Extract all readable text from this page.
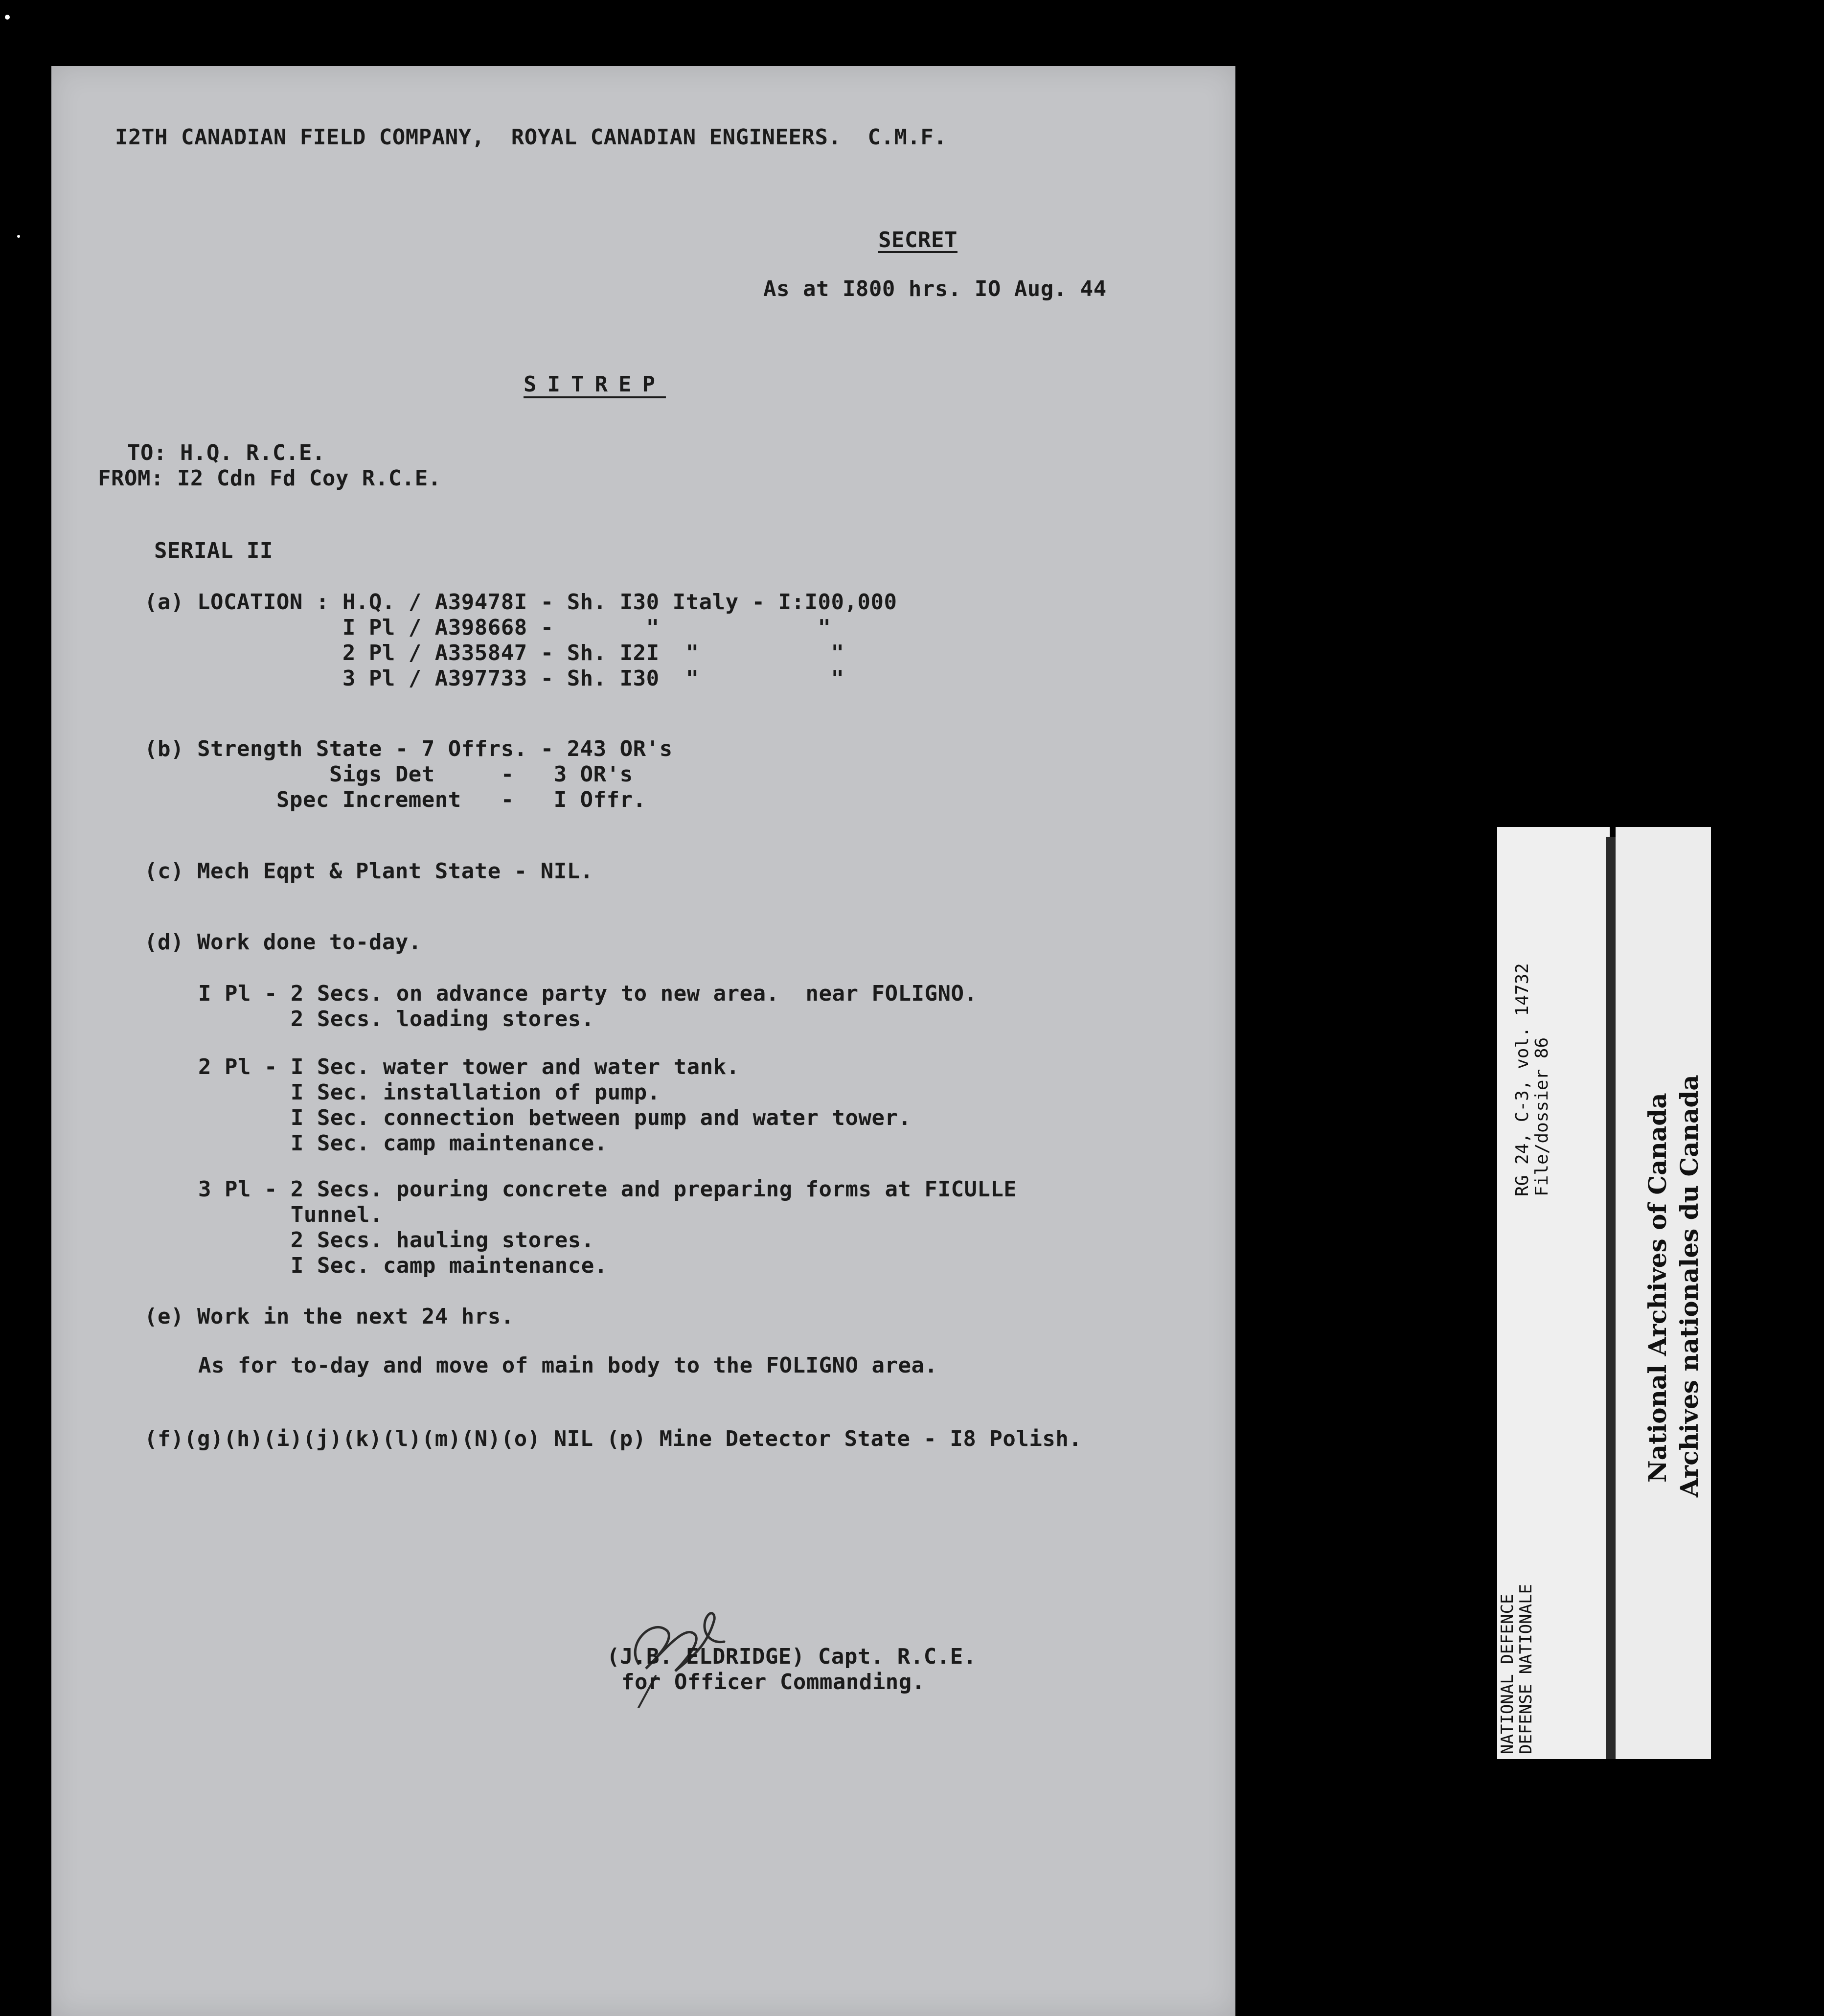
I2TH CANADIAN FIELD COMPANY,  ROYAL CANADIAN ENGINEERS.  C.M.F.
SECRET
As at I800 hrs. IO Aug. 44
SITREP
TO: H.Q. R.C.E.
FROM: I2 Cdn Fd Coy R.C.E.
SERIAL II
(a) LOCATION : H.Q. / A39478I - Sh. I30 Italy - I:I00,000
I Pl / A398668 -       "            "
2 Pl / A335847 - Sh. I2I  "          "
3 Pl / A397733 - Sh. I30  "          "
(b) Strength State - 7 Offrs. - 243 OR's
Sigs Det     -   3 OR's
Spec Increment   -   I Offr.
(c) Mech Eqpt & Plant State - NIL.
(d) Work done to-day.
I Pl - 2 Secs. on advance party to new area.  near FOLIGNO.
2 Secs. loading stores.
2 Pl - I Sec. water tower and water tank.
I Sec. installation of pump.
I Sec. connection between pump and water tower.
I Sec. camp maintenance.
3 Pl - 2 Secs. pouring concrete and preparing forms at FICULLE
Tunnel.
2 Secs. hauling stores.
I Sec. camp maintenance.
(e) Work in the next 24 hrs.
As for to-day and move of main body to the FOLIGNO area.
(f)(g)(h)(i)(j)(k)(l)(m)(N)(o) NIL (p) Mine Detector State - I8 Polish.
(J.B. ELDRIDGE) Capt. R.C.E.
for Officer Commanding.
RG 24, C-3, vol. 14732 File/dossier 86
NATIONAL DEFENCE
DEFENSE NATIONALE
National Archives of Canada Archives nationales du Canada
